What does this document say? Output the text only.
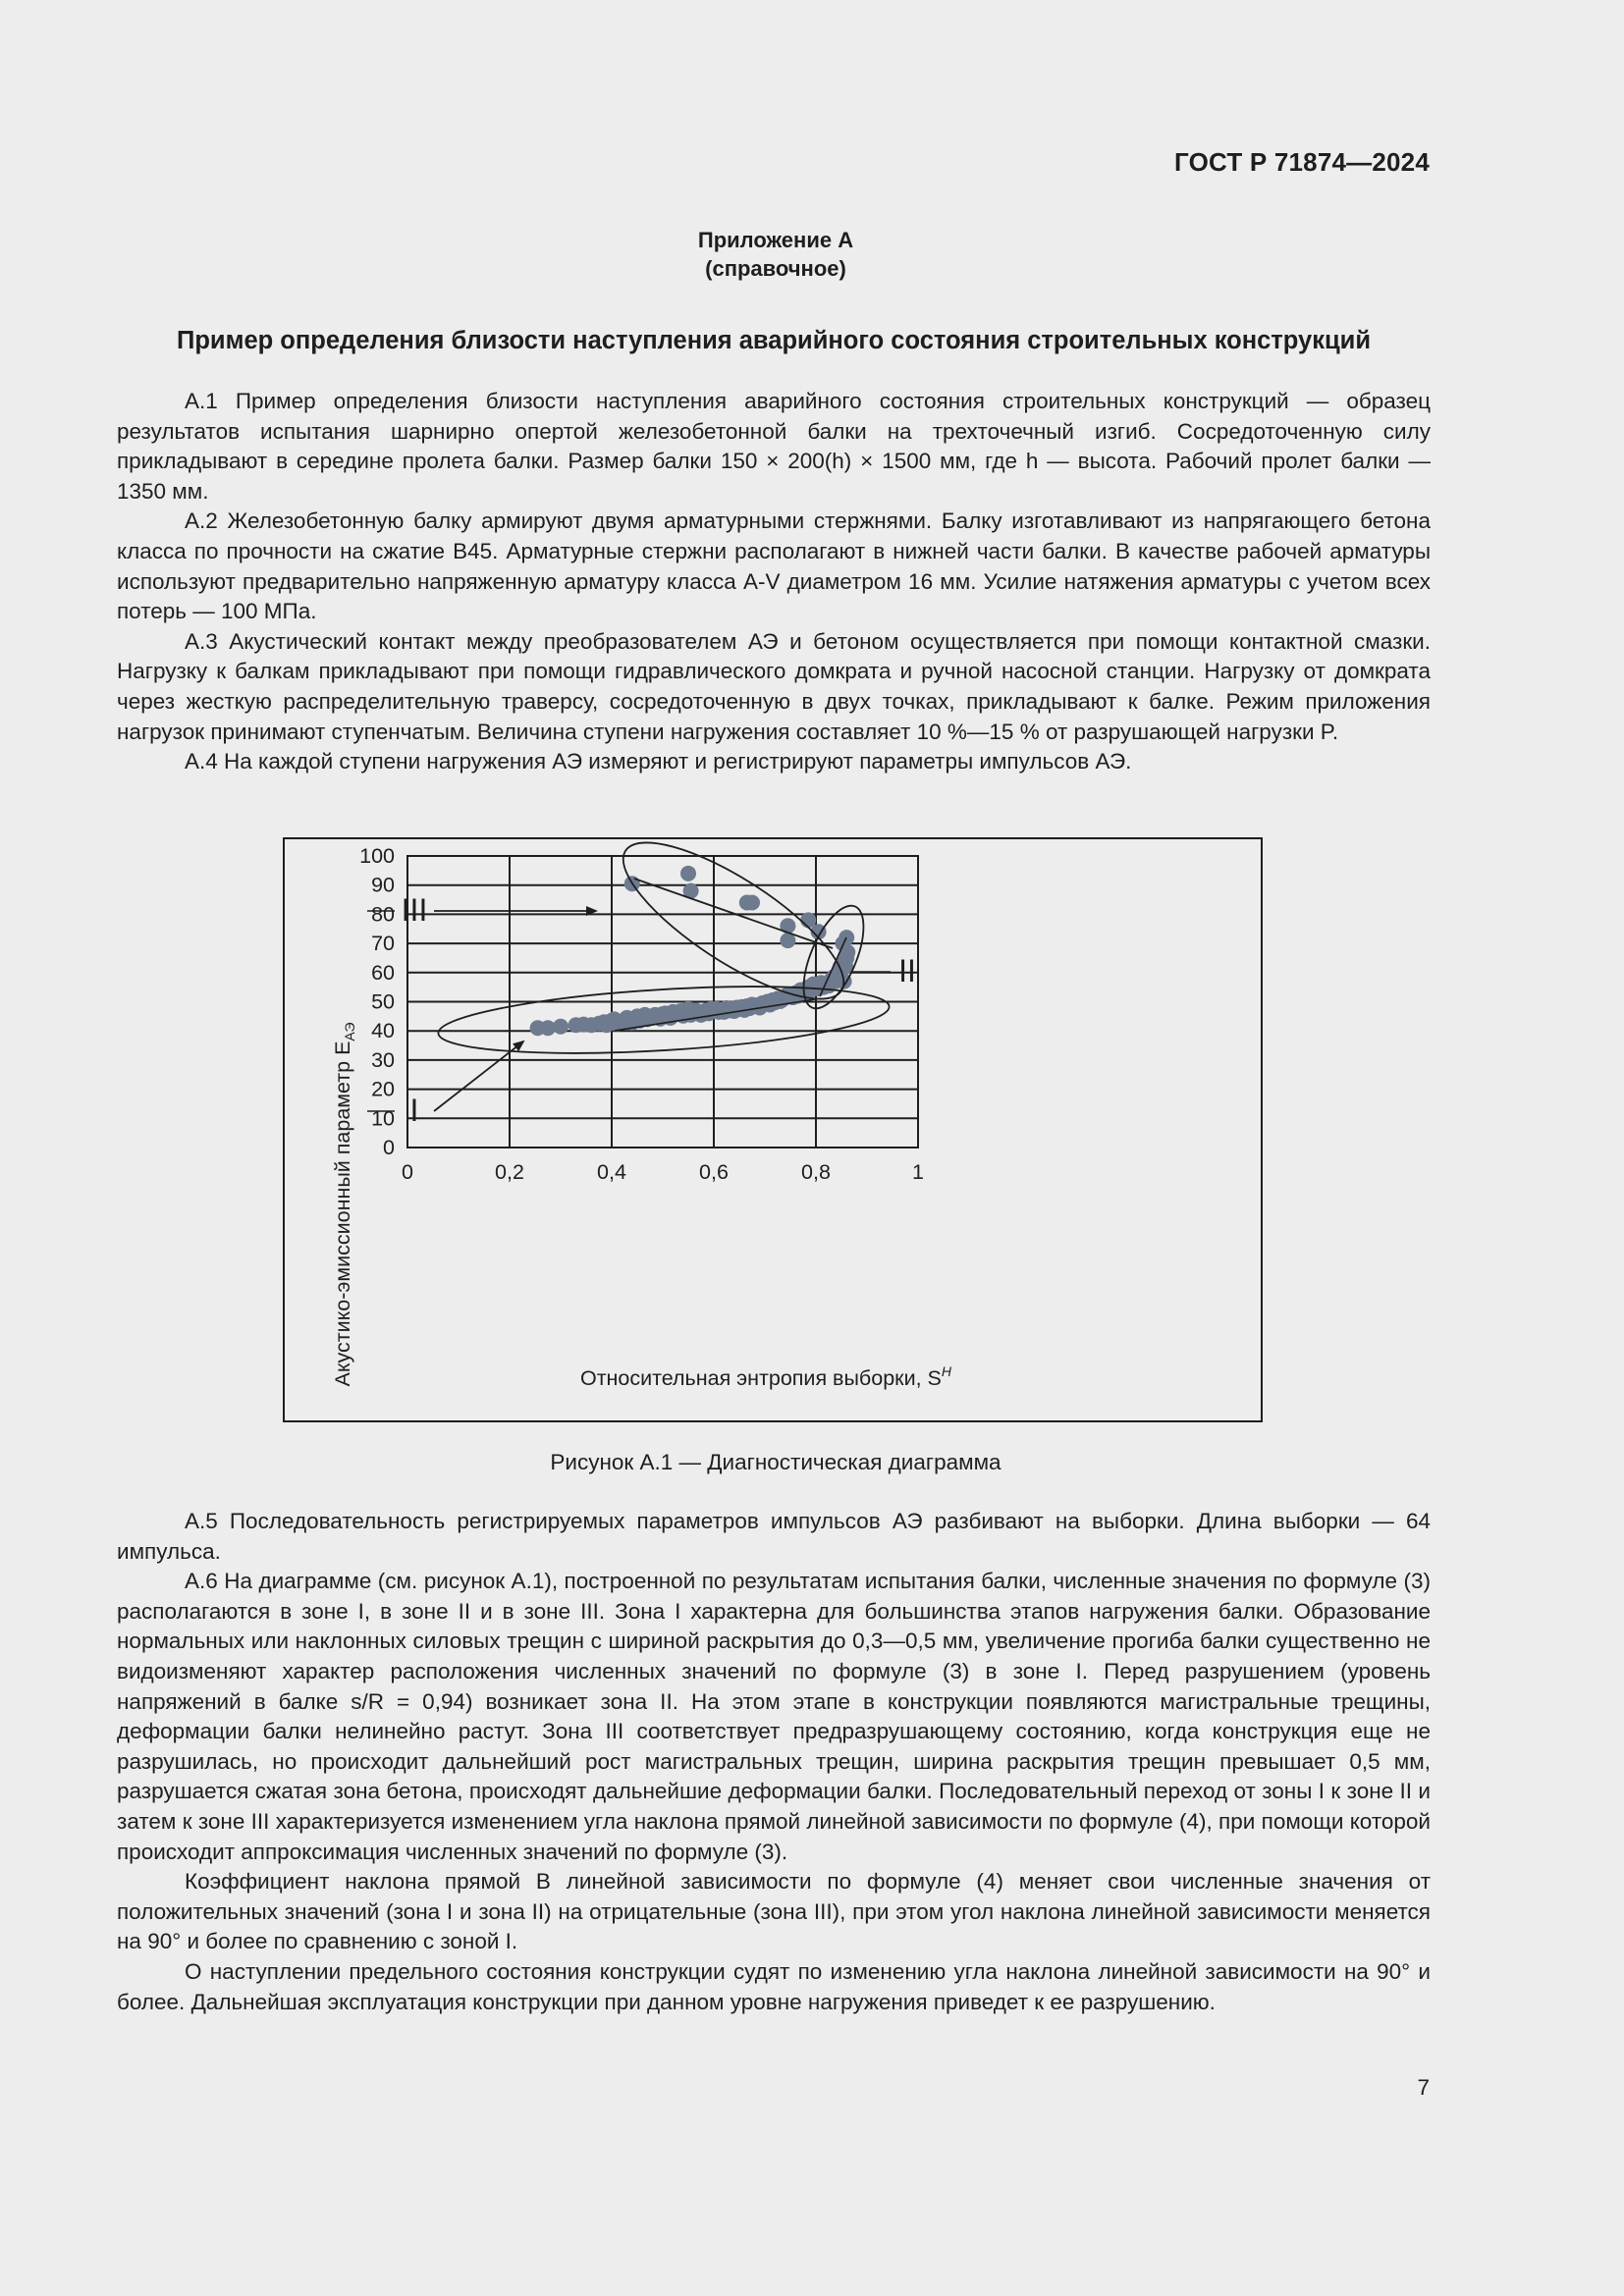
ГОСТ Р 71874—2024
Приложение А
(справочное)
Пример определения близости наступления аварийного состояния строительных конструкций

А.1 Пример определения близости наступления аварийного состояния строительных конструкций — образец результатов испытания шарнирно опертой железобетонной балки на трехточечный изгиб. Сосредоточенную силу прикладывают в середине пролета балки. Размер балки 150 × 200(h) × 1500 мм, где h — высота. Рабочий пролет балки — 1350 мм.

А.2 Железобетонную балку армируют двумя арматурными стержнями. Балку изготавливают из напрягающего бетона класса по прочности на сжатие В45. Арматурные стержни располагают в нижней части балки. В качестве рабочей арматуры используют предварительно напряженную арматуру класса А-V диаметром 16 мм. Усилие натяжения арматуры с учетом всех потерь — 100 МПа.

А.3 Акустический контакт между преобразователем АЭ и бетоном осуществляется при помощи контактной смазки. Нагрузку к балкам прикладывают при помощи гидравлического домкрата и ручной насосной станции. Нагрузку от домкрата через жесткую распределительную траверсу, сосредоточенную в двух точках, прикладывают к балке. Режим приложения нагрузок принимают ступенчатым. Величина ступени нагружения составляет 10 %—15 % от разрушающей нагрузки P.

А.4 На каждой ступени нагружения АЭ измеряют и регистрируют параметры импульсов АЭ.

0
10
20
30
40
50
60
70
80
90
100
0	0,2	0,4	0,6	0,8	1
III
I
II
Относительная энтропия выборки, $S^H$
Акустико-эмиссионный параметр $E_{АЭ}$
Рисунок А.1 — Диагностическая диаграмма

А.5 Последовательность регистрируемых параметров импульсов АЭ разбивают на выборки. Длина выборки — 64 импульса.

А.6 На диаграмме (см. рисунок А.1), построенной по результатам испытания балки, численные значения по формуле (3) располагаются в зоне I, в зоне II и в зоне III. Зона I характерна для большинства этапов нагружения балки. Образование нормальных или наклонных силовых трещин с шириной раскрытия до 0,3—0,5 мм, увеличение прогиба балки существенно не видоизменяют характер расположения численных значений по формуле (3) в зоне I. Перед разрушением (уровень напряжений в балке s/R = 0,94) возникает зона II. На этом этапе в конструкции появляются магистральные трещины, деформации балки нелинейно растут. Зона III соответствует предразрушающему состоянию, когда конструкция еще не разрушилась, но происходит дальнейший рост магистральных трещин, ширина раскрытия трещин превышает 0,5 мм, разрушается сжатая зона бетона, происходят дальнейшие деформации балки. Последовательный переход от зоны I к зоне II и затем к зоне III характеризуется изменением угла наклона прямой линейной зависимости по формуле (4), при помощи которой происходит аппроксимация численных значений по формуле (3).

Коэффициент наклона прямой B линейной зависимости по формуле (4) меняет свои численные значения от положительных значений (зона I и зона II) на отрицательные (зона III), при этом угол наклона линейной зависимости меняется на 90° и более по сравнению с зоной I.

О наступлении предельного состояния конструкции судят по изменению угла наклона линейной зависимости на 90° и более. Дальнейшая эксплуатация конструкции при данном уровне нагружения приведет к ее разрушению.

7
